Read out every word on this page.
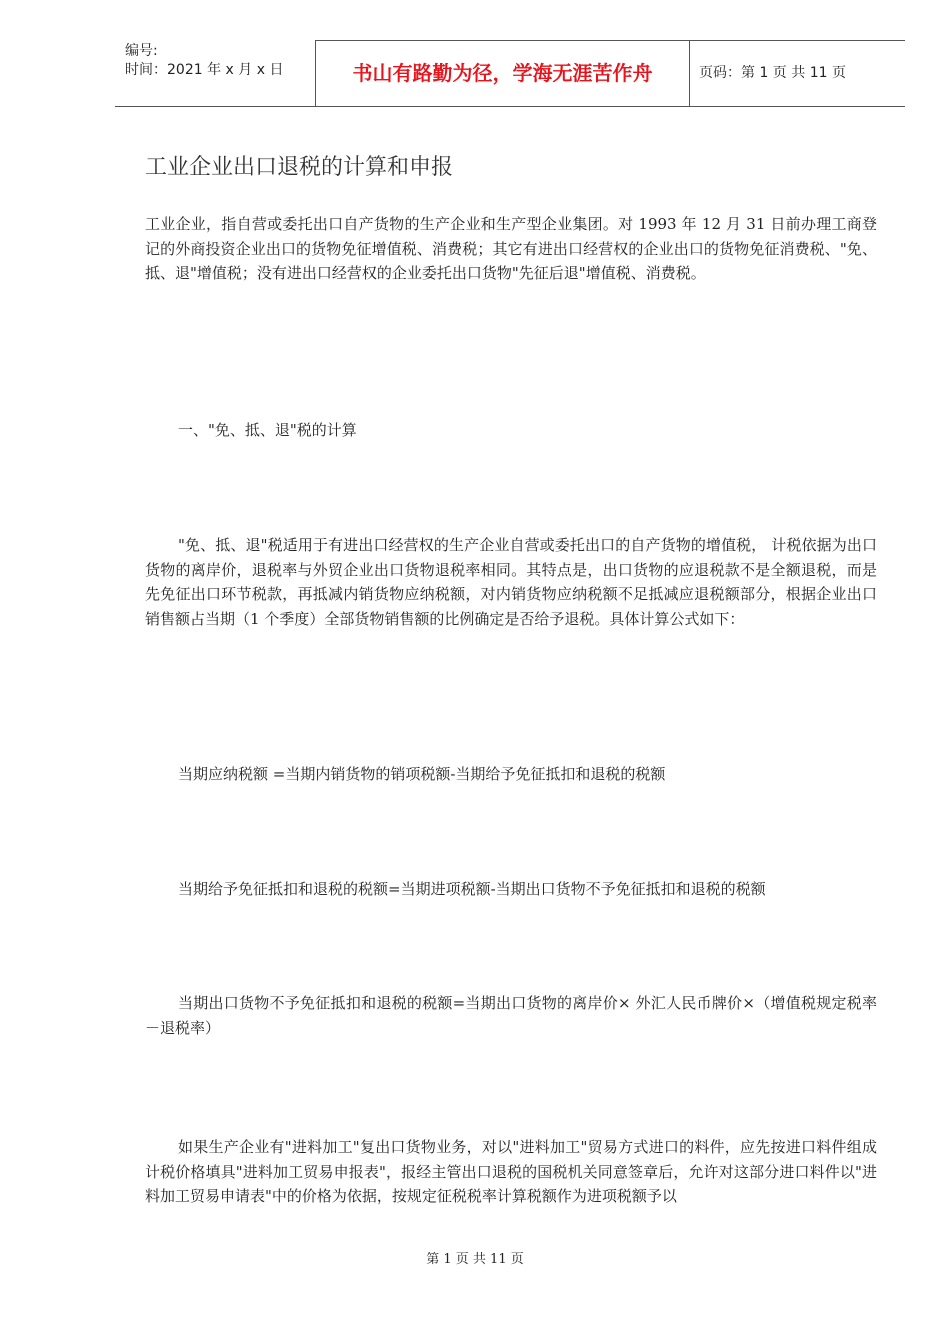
编号:
时间：2021 年 x 月 x 日	书山有路勤为径，学海无涯苦作舟	页码：第 1 页 共 11 页
工业企业出口退税的计算和申报

工业企业，指自营或委托出口自产货物的生产企业和生产型企业集团。对 1993 年 12 月 31 日前办理工商登记的外商投资企业出口的货物免征增值税、消费税；其它有进出口经营权的企业出口的货物免征消费税、"免、抵、退"增值税；没有进出口经营权的企业委托出口货物"先征后退"增值税、消费税。

一、"免、抵、退"税的计算

"免、抵、退"税适用于有进出口经营权的生产企业自营或委托出口的自产货物的增值税， 计税依据为出口货物的离岸价，退税率与外贸企业出口货物退税率相同。其特点是，出口货物的应退税款不是全额退税，而是先免征出口环节税款，再抵减内销货物应纳税额，对内销货物应纳税额不足抵减应退税额部分，根据企业出口销售额占当期（1 个季度）全部货物销售额的比例确定是否给予退税。具体计算公式如下：

当期应纳税额 =当期内销货物的销项税额-当期给予免征抵扣和退税的税额

当期给予免征抵扣和退税的税额=当期进项税额-当期出口货物不予免征抵扣和退税的税额

当期出口货物不予免征抵扣和退税的税额=当期出口货物的离岸价× 外汇人民币牌价×（增值税规定税率－退税率）

如果生产企业有"进料加工"复出口货物业务，对以"进料加工"贸易方式进口的料件，应先按进口料件组成计税价格填具"进料加工贸易申报表"，报经主管出口退税的国税机关同意签章后，允许对这部分进口料件以"进料加工贸易申请表"中的价格为依据，按规定征税税率计算税额作为进项税额予以

第 1 页 共 11 页
